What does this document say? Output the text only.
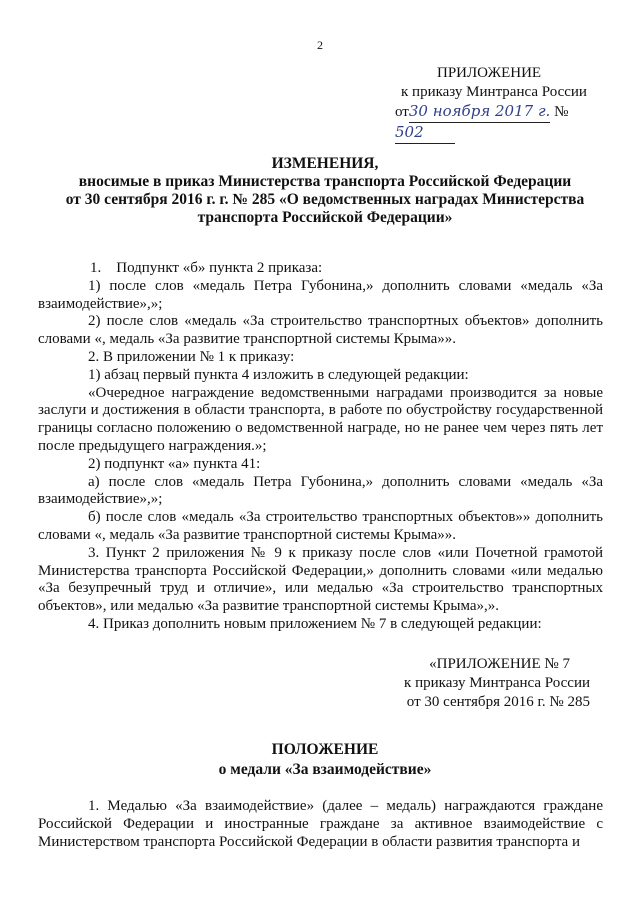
2
ПРИЛОЖЕНИЕ
к приказу Минтранса России
от30 ноября 2017 г. № 502
ИЗМЕНЕНИЯ,
вносимые в приказ Министерства транспорта Российской Федерации
от 30 сентября 2016 г. г. № 285 «О ведомственных наградах Министерства
транспорта Российской Федерации»

1.    Подпункт «б» пункта 2 приказа:

1) после слов «медаль Петра Губонина,» дополнить словами «медаль «За взаимодействие»,»;

2) после слов «медаль «За строительство транспортных объектов» дополнить словами «, медаль «За развитие транспортной системы Крыма»».

2. В приложении № 1 к приказу:

1) абзац первый пункта 4 изложить в следующей редакции:

«Очередное награждение ведомственными наградами производится за новые заслуги и достижения в области транспорта, в работе по обустройству государственной границы согласно положению о ведомственной награде, но не ранее чем через пять лет после предыдущего награждения.»;

2) подпункт «а» пункта 41:

а) после слов «медаль Петра Губонина,» дополнить словами «медаль «За взаимодействие»,»;

б) после слов «медаль «За строительство транспортных объектов»» дополнить словами «, медаль «За развитие транспортной системы Крыма»».

3. Пункт 2 приложения № 9 к приказу после слов «или Почетной грамотой Министерства транспорта Российской Федерации,» дополнить словами «или медалью «За безупречный труд и отличие», или медалью «За строительство транспортных объектов», или медалью «За развитие транспортной системы Крыма»,».

4. Приказ дополнить новым приложением № 7 в следующей редакции:

«ПРИЛОЖЕНИЕ № 7
к приказу Минтранса России
от 30 сентября 2016 г. № 285
ПОЛОЖЕНИЕ
о медали «За взаимодействие»

1. Медалью «За взаимодействие» (далее – медаль) награждаются граждане Российской Федерации и иностранные граждане за активное взаимодействие с Министерством транспорта Российской Федерации в области развития транспорта и
